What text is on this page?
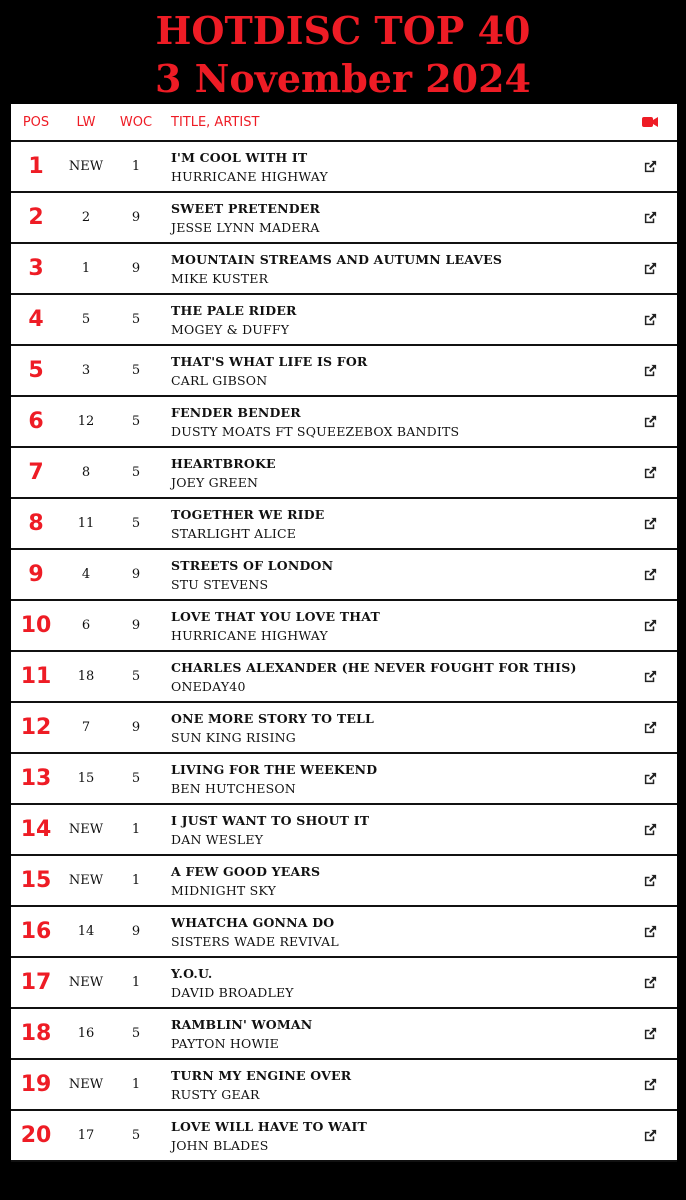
HOTDISC TOP 40
3 November 2024
POS	LW	WOC	TITLE, ARTIST
1	NEW	1
I'M COOL WITH IT
HURRICANE HIGHWAY
2	2	9
SWEET PRETENDER
JESSE LYNN MADERA
3	1	9
MOUNTAIN STREAMS AND AUTUMN LEAVES
MIKE KUSTER
4	5	5
THE PALE RIDER
MOGEY & DUFFY
5	3	5
THAT'S WHAT LIFE IS FOR
CARL GIBSON
6	12	5
FENDER BENDER
DUSTY MOATS FT SQUEEZEBOX BANDITS
7	8	5
HEARTBROKE
JOEY GREEN
8	11	5
TOGETHER WE RIDE
STARLIGHT ALICE
9	4	9
STREETS OF LONDON
STU STEVENS
10	6	9
LOVE THAT YOU LOVE THAT
HURRICANE HIGHWAY
11	18	5
CHARLES ALEXANDER (HE NEVER FOUGHT FOR THIS)
ONEDAY40
12	7	9
ONE MORE STORY TO TELL
SUN KING RISING
13	15	5
LIVING FOR THE WEEKEND
BEN HUTCHESON
14	NEW	1
I JUST WANT TO SHOUT IT
DAN WESLEY
15	NEW	1
A FEW GOOD YEARS
MIDNIGHT SKY
16	14	9
WHATCHA GONNA DO
SISTERS WADE REVIVAL
17	NEW	1
Y.O.U.
DAVID BROADLEY
18	16	5
RAMBLIN' WOMAN
PAYTON HOWIE
19	NEW	1
TURN MY ENGINE OVER
RUSTY GEAR
20	17	5
LOVE WILL HAVE TO WAIT
JOHN BLADES
